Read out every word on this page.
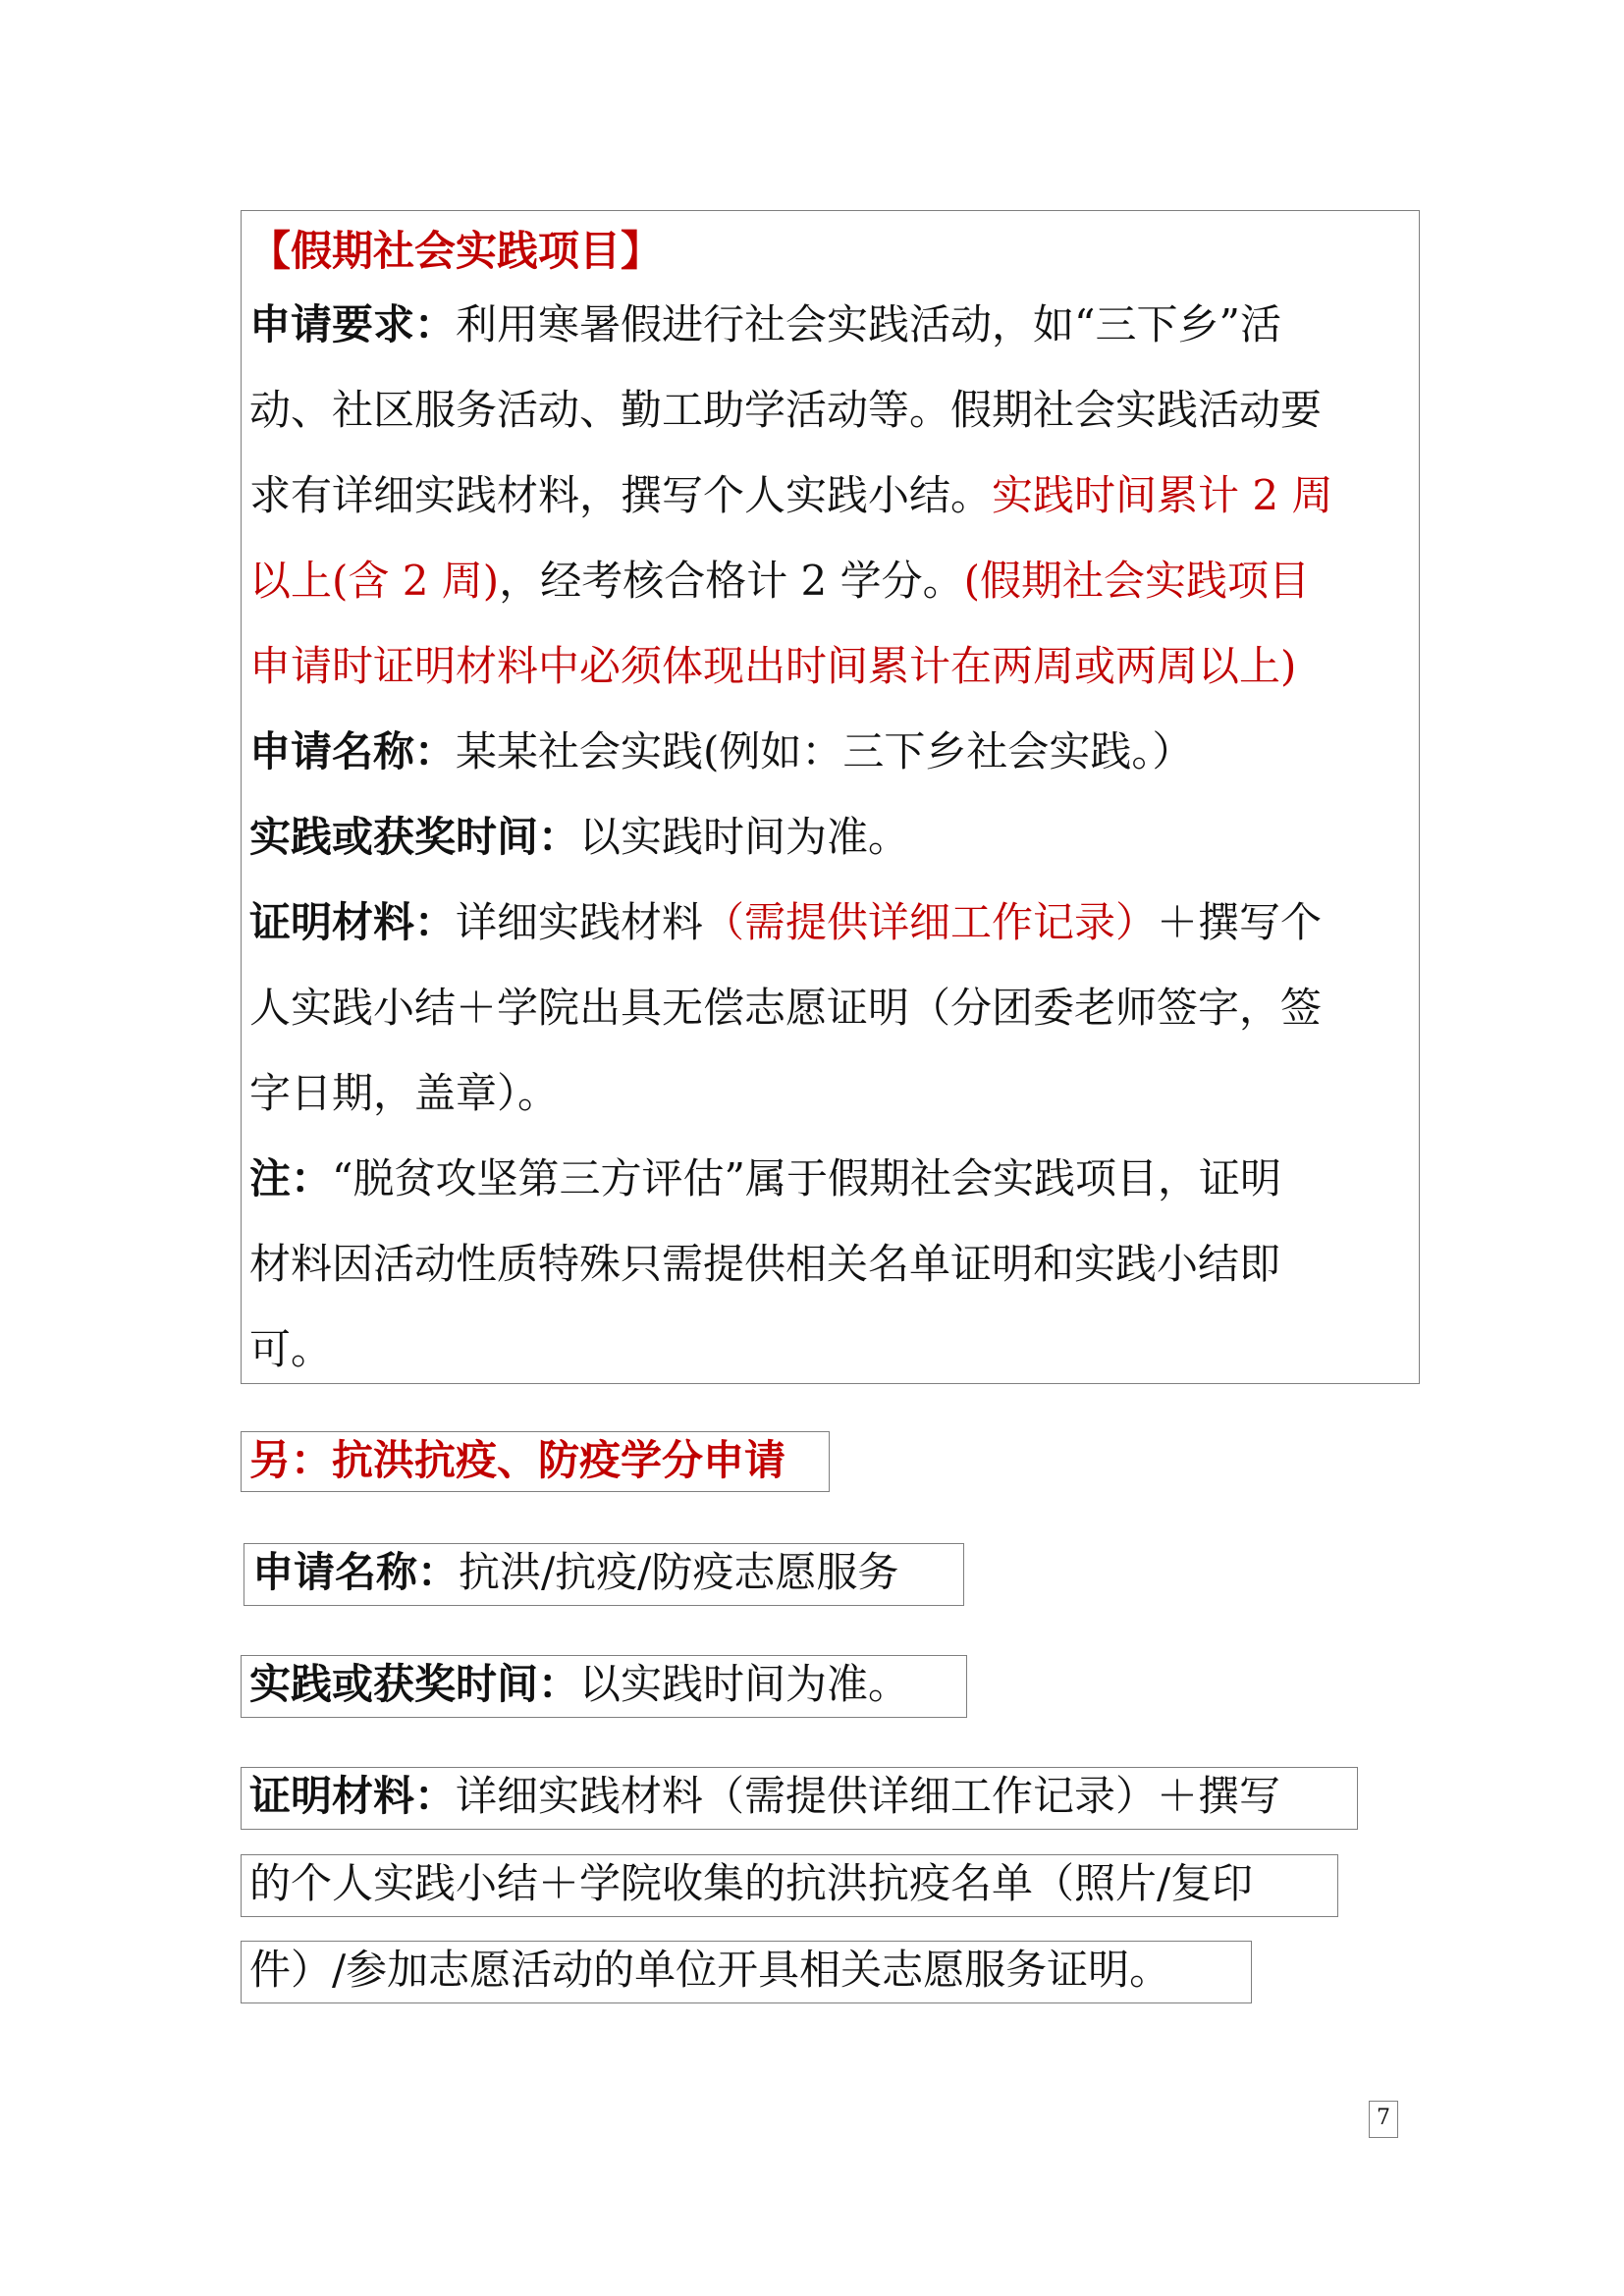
【假期社会实践项目】
申请要求：利用寒暑假进行社会实践活动，如“三下乡”活
动、社区服务活动、勤工助学活动等。假期社会实践活动要
求有详细实践材料，撰写个人实践小结。实践时间累计 2 周
以上(含 2 周)，经考核合格计 2 学分。(假期社会实践项目
申请时证明材料中必须体现出时间累计在两周或两周以上)
申请名称：某某社会实践(例如：三下乡社会实践。）
实践或获奖时间：以实践时间为准。
证明材料：详细实践材料（需提供详细工作记录）＋撰写个
人实践小结＋学院出具无偿志愿证明（分团委老师签字，签
字日期，盖章）。
注：“脱贫攻坚第三方评估”属于假期社会实践项目，证明
材料因活动性质特殊只需提供相关名单证明和实践小结即
可。
另：抗洪抗疫、防疫学分申请
申请名称：抗洪/抗疫/防疫志愿服务
实践或获奖时间：以实践时间为准。
证明材料：详细实践材料（需提供详细工作记录）＋撰写
的个人实践小结＋学院收集的抗洪抗疫名单（照片/复印
件）/参加志愿活动的单位开具相关志愿服务证明。
7
